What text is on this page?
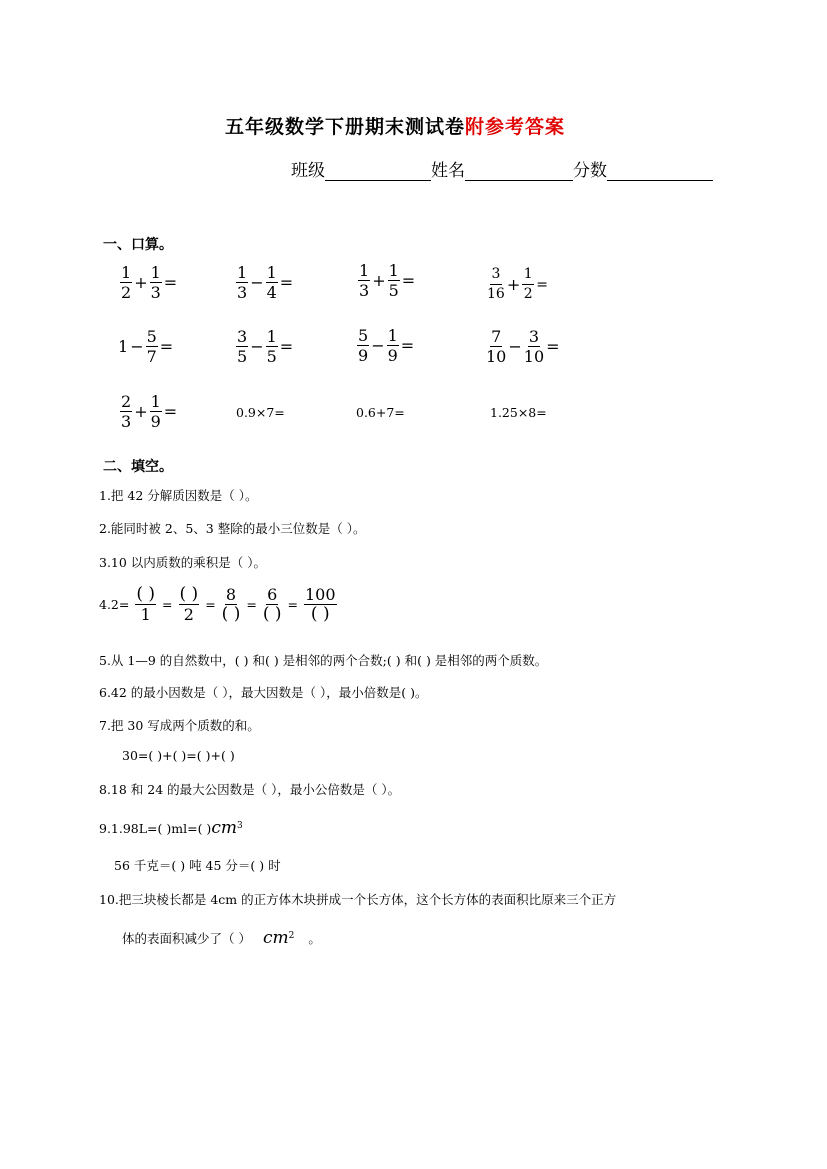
五年级数学下册期末测试卷附参考答案
班级	姓名	分数
一、口算。
$\frac{1}{2} + \frac{1}{3}$ =	$\frac{1}{3} - \frac{1}{4}$ =	$\frac{1}{3} + \frac{1}{5}$ =	$\frac{3}{16} + \frac{1}{2}$ =
$1 - \frac{5}{7}$ =	$\frac{3}{5} - \frac{1}{5}$ =	$\frac{5}{9} - \frac{1}{9}$ =	$\frac{7}{10} - \frac{3}{10}$ =
$\frac{2}{3} + \frac{1}{9}$ =	0.9×7=	0.6+7=	1.25×8=
二、填空。
1.把 42 分解质因数是（ ）。
2.能同时被 2、5、3 整除的最小三位数是（ ）。
3.10 以内质数的乘积是（ ）。
$4.2= \frac{( )}{1} = \frac{( )}{2} = \frac{8}{( )} = \frac{6}{( )} = \frac{100}{( )}$
5.从 1—9 的自然数中，( ) 和( ) 是相邻的两个合数;( ) 和( ) 是相邻的两个质数。
6.42 的最小因数是（ ），最大因数是（ ），最小倍数是( )。
7.把 30 写成两个质数的和。
30=( )+( )=( )+( )
8.18 和 24 的最大公因数是（ ），最小公倍数是（ ）。
9.1.98L=( )ml=( )$cm^3$
56 千克＝( ) 吨 45 分＝( ) 时
10.把三块棱长都是 4cm 的正方体木块拼成一个长方体，这个长方体的表面积比原来三个正方
体的表面积减少了（ ） $cm^2$ 。
